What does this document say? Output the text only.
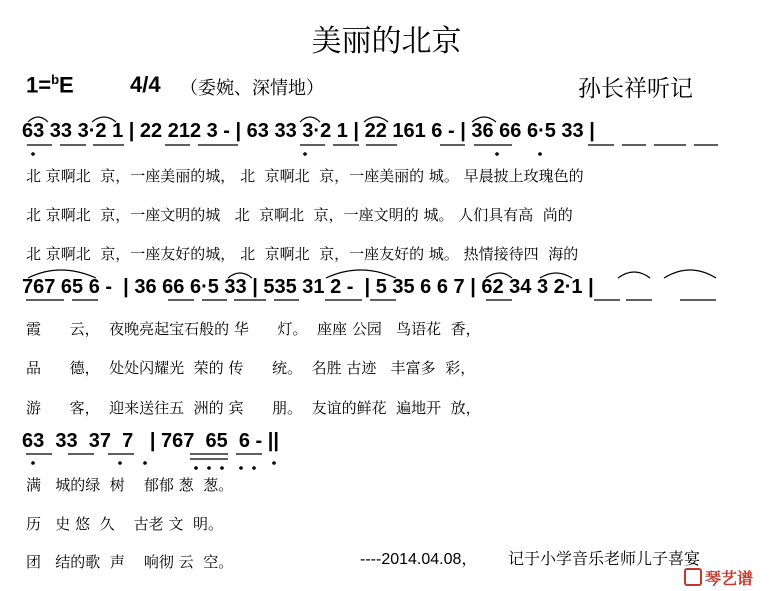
美丽的北京
1=$^b$E	4/4 （委婉、深情地）	孙长祥听记
63 33 3·2 1 | 22 212 3 - | 63 33 3·2 1 | 22 161 6 - | 36 66 6·5 33 |
北 京啊北  京，一座美丽的城， 北  京啊北  京，一座美丽的 城。 早晨披上玫瑰色的
北 京啊北  京，一座文明的城   北  京啊北  京，一座文明的 城。 人们具有高  尚的
北 京啊北  京，一座友好的城， 北  京啊北  京，一座友好的 城。 热情接待四  海的
767 65 6 -  | 36 66 6·5 33 | 535 31 2 -  | 5 35 6 6 7 | 62 34 3 2·1 |
霞      云，  夜晚亮起宝石般的 华      灯。  座座 公园   鸟语花  香，
品      德，  处处闪耀光  荣的 传      统。  名胜 古迹   丰富多  彩，
游      客，  迎来送往五  洲的 宾      朋。  友谊的鲜花  遍地开  放，
63  33  37  7   | 767  65  6 - ||
满   城的绿  树    郁郁 葱  葱。
历   史 悠  久    古老 文  明。
团   结的歌  声    响彻 云  空。	----2014.04.08， 记于小学音乐老师儿子喜宴
琴艺谱
